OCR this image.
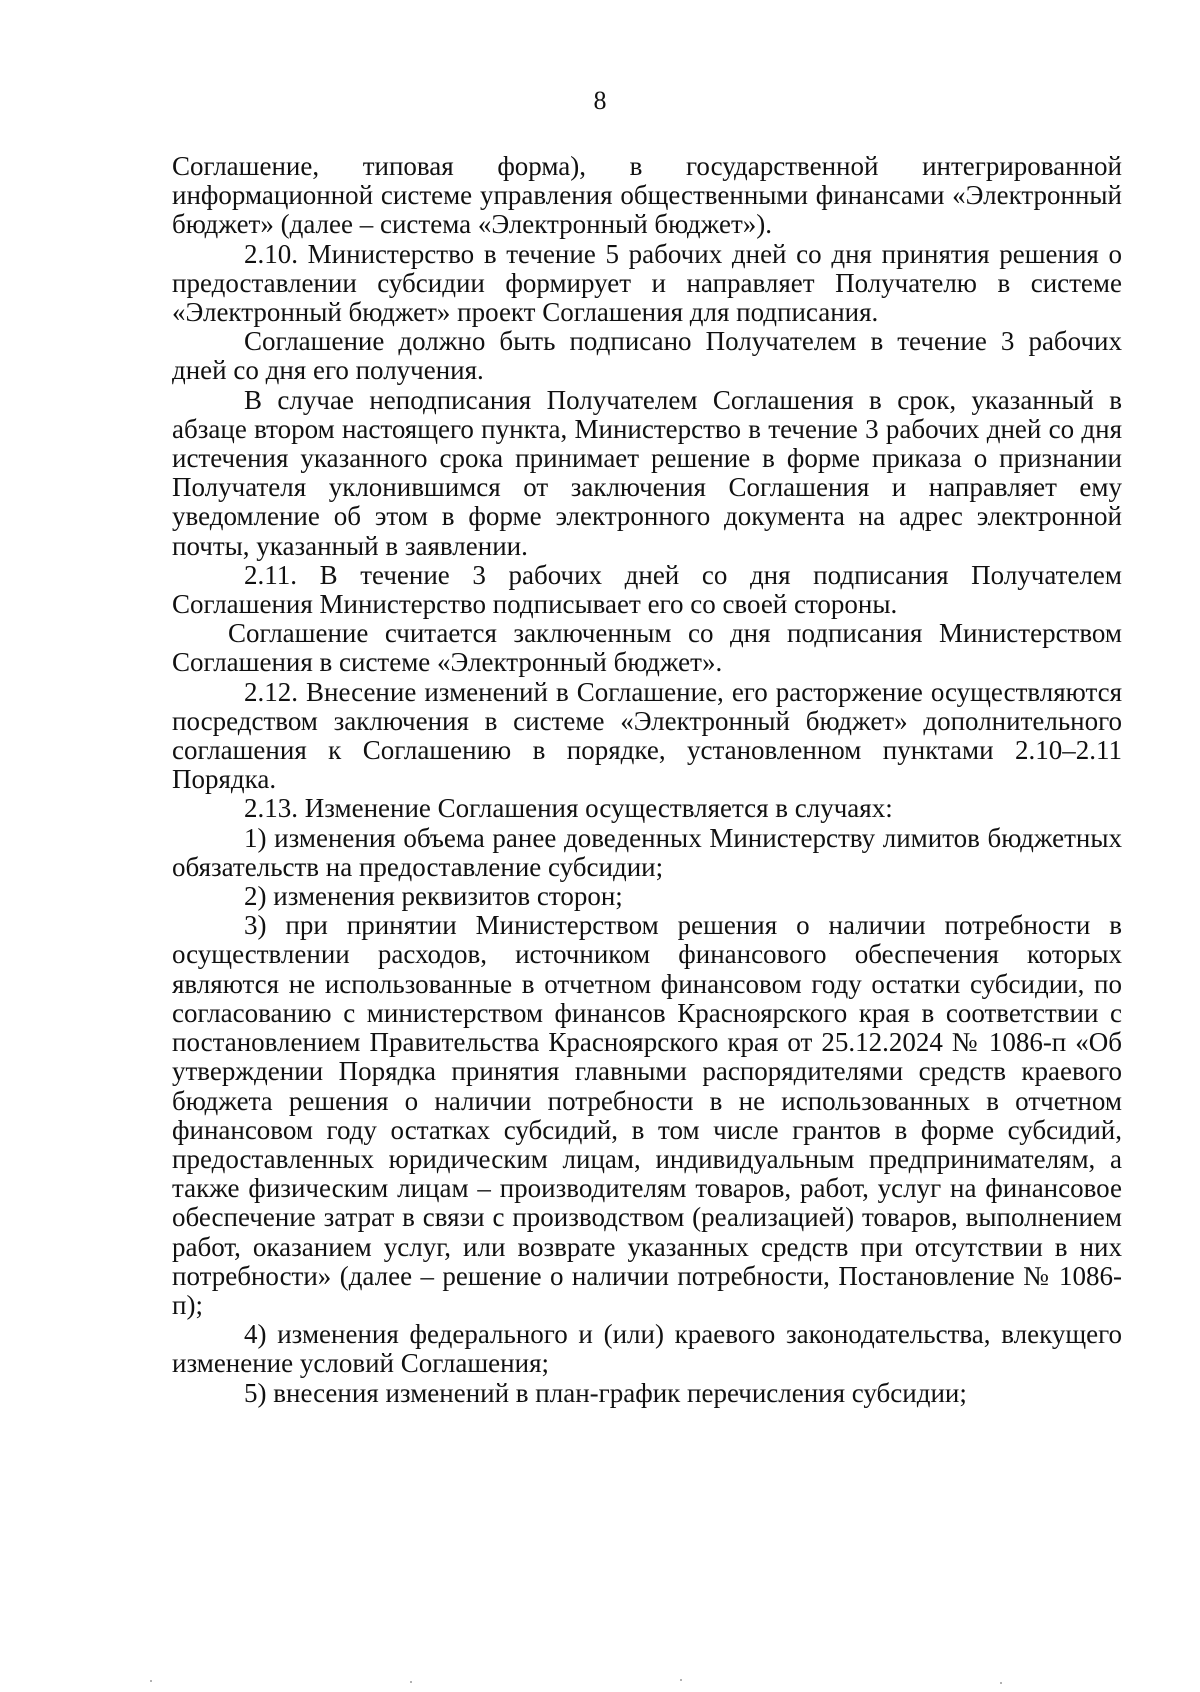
8

Соглашение, типовая форма), в государственной интегрированной информационной системе управления общественными финансами «Электронный бюджет» (далее – система «Электронный бюджет»).

2.10. Министерство в течение 5 рабочих дней со дня принятия решения о предоставлении субсидии формирует и направляет Получателю в системе «Электронный бюджет» проект Соглашения для подписания.

Соглашение должно быть подписано Получателем в течение 3 рабочих дней со дня его получения.

В случае неподписания Получателем Соглашения в срок, указанный в абзаце втором настоящего пункта, Министерство в течение 3 рабочих дней со дня истечения указанного срока принимает решение в форме приказа о признании Получателя уклонившимся от заключения Соглашения и направляет ему уведомление об этом в форме электронного документа на адрес электронной почты, указанный в заявлении.

2.11. В течение 3 рабочих дней со дня подписания Получателем Соглашения Министерство подписывает его со своей стороны.

Соглашение считается заключенным со дня подписания Министерством Соглашения в системе «Электронный бюджет».

2.12. Внесение изменений в Соглашение, его расторжение осуществляются посредством заключения в системе «Электронный бюджет» дополнительного соглашения к Соглашению в порядке, установленном пунктами 2.10–2.11 Порядка.

2.13. Изменение Соглашения осуществляется в случаях:

1) изменения объема ранее доведенных Министерству лимитов бюджетных обязательств на предоставление субсидии;

2) изменения реквизитов сторон;

3) при принятии Министерством решения о наличии потребности в осуществлении расходов, источником финансового обеспечения которых являются не использованные в отчетном финансовом году остатки субсидии, по согласованию с министерством финансов Красноярского края в соответствии с постановлением Правительства Красноярского края от 25.12.2024 № 1086-п «Об утверждении Порядка принятия главными распорядителями средств краевого бюджета решения о наличии потребности в не использованных в отчетном финансовом году остатках субсидий, в том числе грантов в форме субсидий, предоставленных юридическим лицам, индивидуальным предпринимателям, а также физическим лицам – производителям товаров, работ, услуг на финансовое обеспечение затрат в связи с производством (реализацией) товаров, выполнением работ, оказанием услуг, или возврате указанных средств при отсутствии в них потребности» (далее – решение о наличии потребности, Постановление № 1086-п);

4) изменения федерального и (или) краевого законодательства, влекущего изменение условий Соглашения;

5) внесения изменений в план-график перечисления субсидии;
